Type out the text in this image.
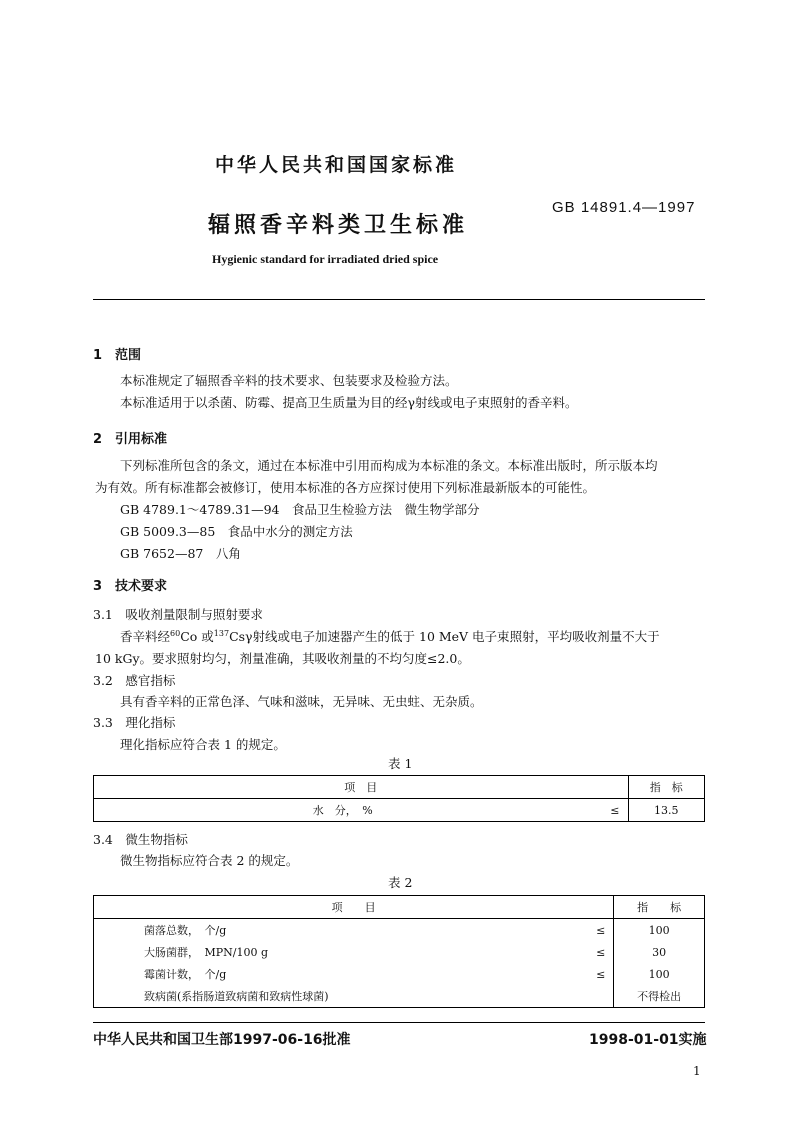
中华人民共和国国家标准
辐照香辛料类卫生标准
GB 14891.4—1997
Hygienic standard for irradiated dried spice
1　范围
本标准规定了辐照香辛料的技术要求、包装要求及检验方法。
本标准适用于以杀菌、防霉、提高卫生质量为目的经γ射线或电子束照射的香辛料。
2　引用标准
下列标准所包含的条文，通过在本标准中引用而构成为本标准的条文。本标准出版时，所示版本均
为有效。所有标准都会被修订，使用本标准的各方应探讨使用下列标准最新版本的可能性。
GB 4789.1～4789.31—94　食品卫生检验方法　微生物学部分
GB 5009.3—85　食品中水分的测定方法
GB 7652—87　八角
3　技术要求
3.1　吸收剂量限制与照射要求
香辛料经$^{60}$Co 或$^{137}$Csγ射线或电子加速器产生的低于 10 MeV 电子束照射，平均吸收剂量不大于
10 kGy。要求照射均匀，剂量准确，其吸收剂量的不均匀度≤2.0。
3.2　感官指标
具有香辛料的正常色泽、气味和滋味，无异味、无虫蛀、无杂质。
3.3　理化指标
理化指标应符合表 1 的规定。
表 1
项　目		指　标
水　分，　%	≤	13.5
3.4　微生物指标
微生物指标应符合表 2 的规定。
表 2
项　　目		指　　标
菌落总数，　个/g	≤	100
大肠菌群，　MPN/100 g	≤	30
霉菌计数，　个/g	≤	100
致病菌(系指肠道致病菌和致病性球菌)		不得检出
中华人民共和国卫生部1997-06-16批准	1998-01-01实施
1
